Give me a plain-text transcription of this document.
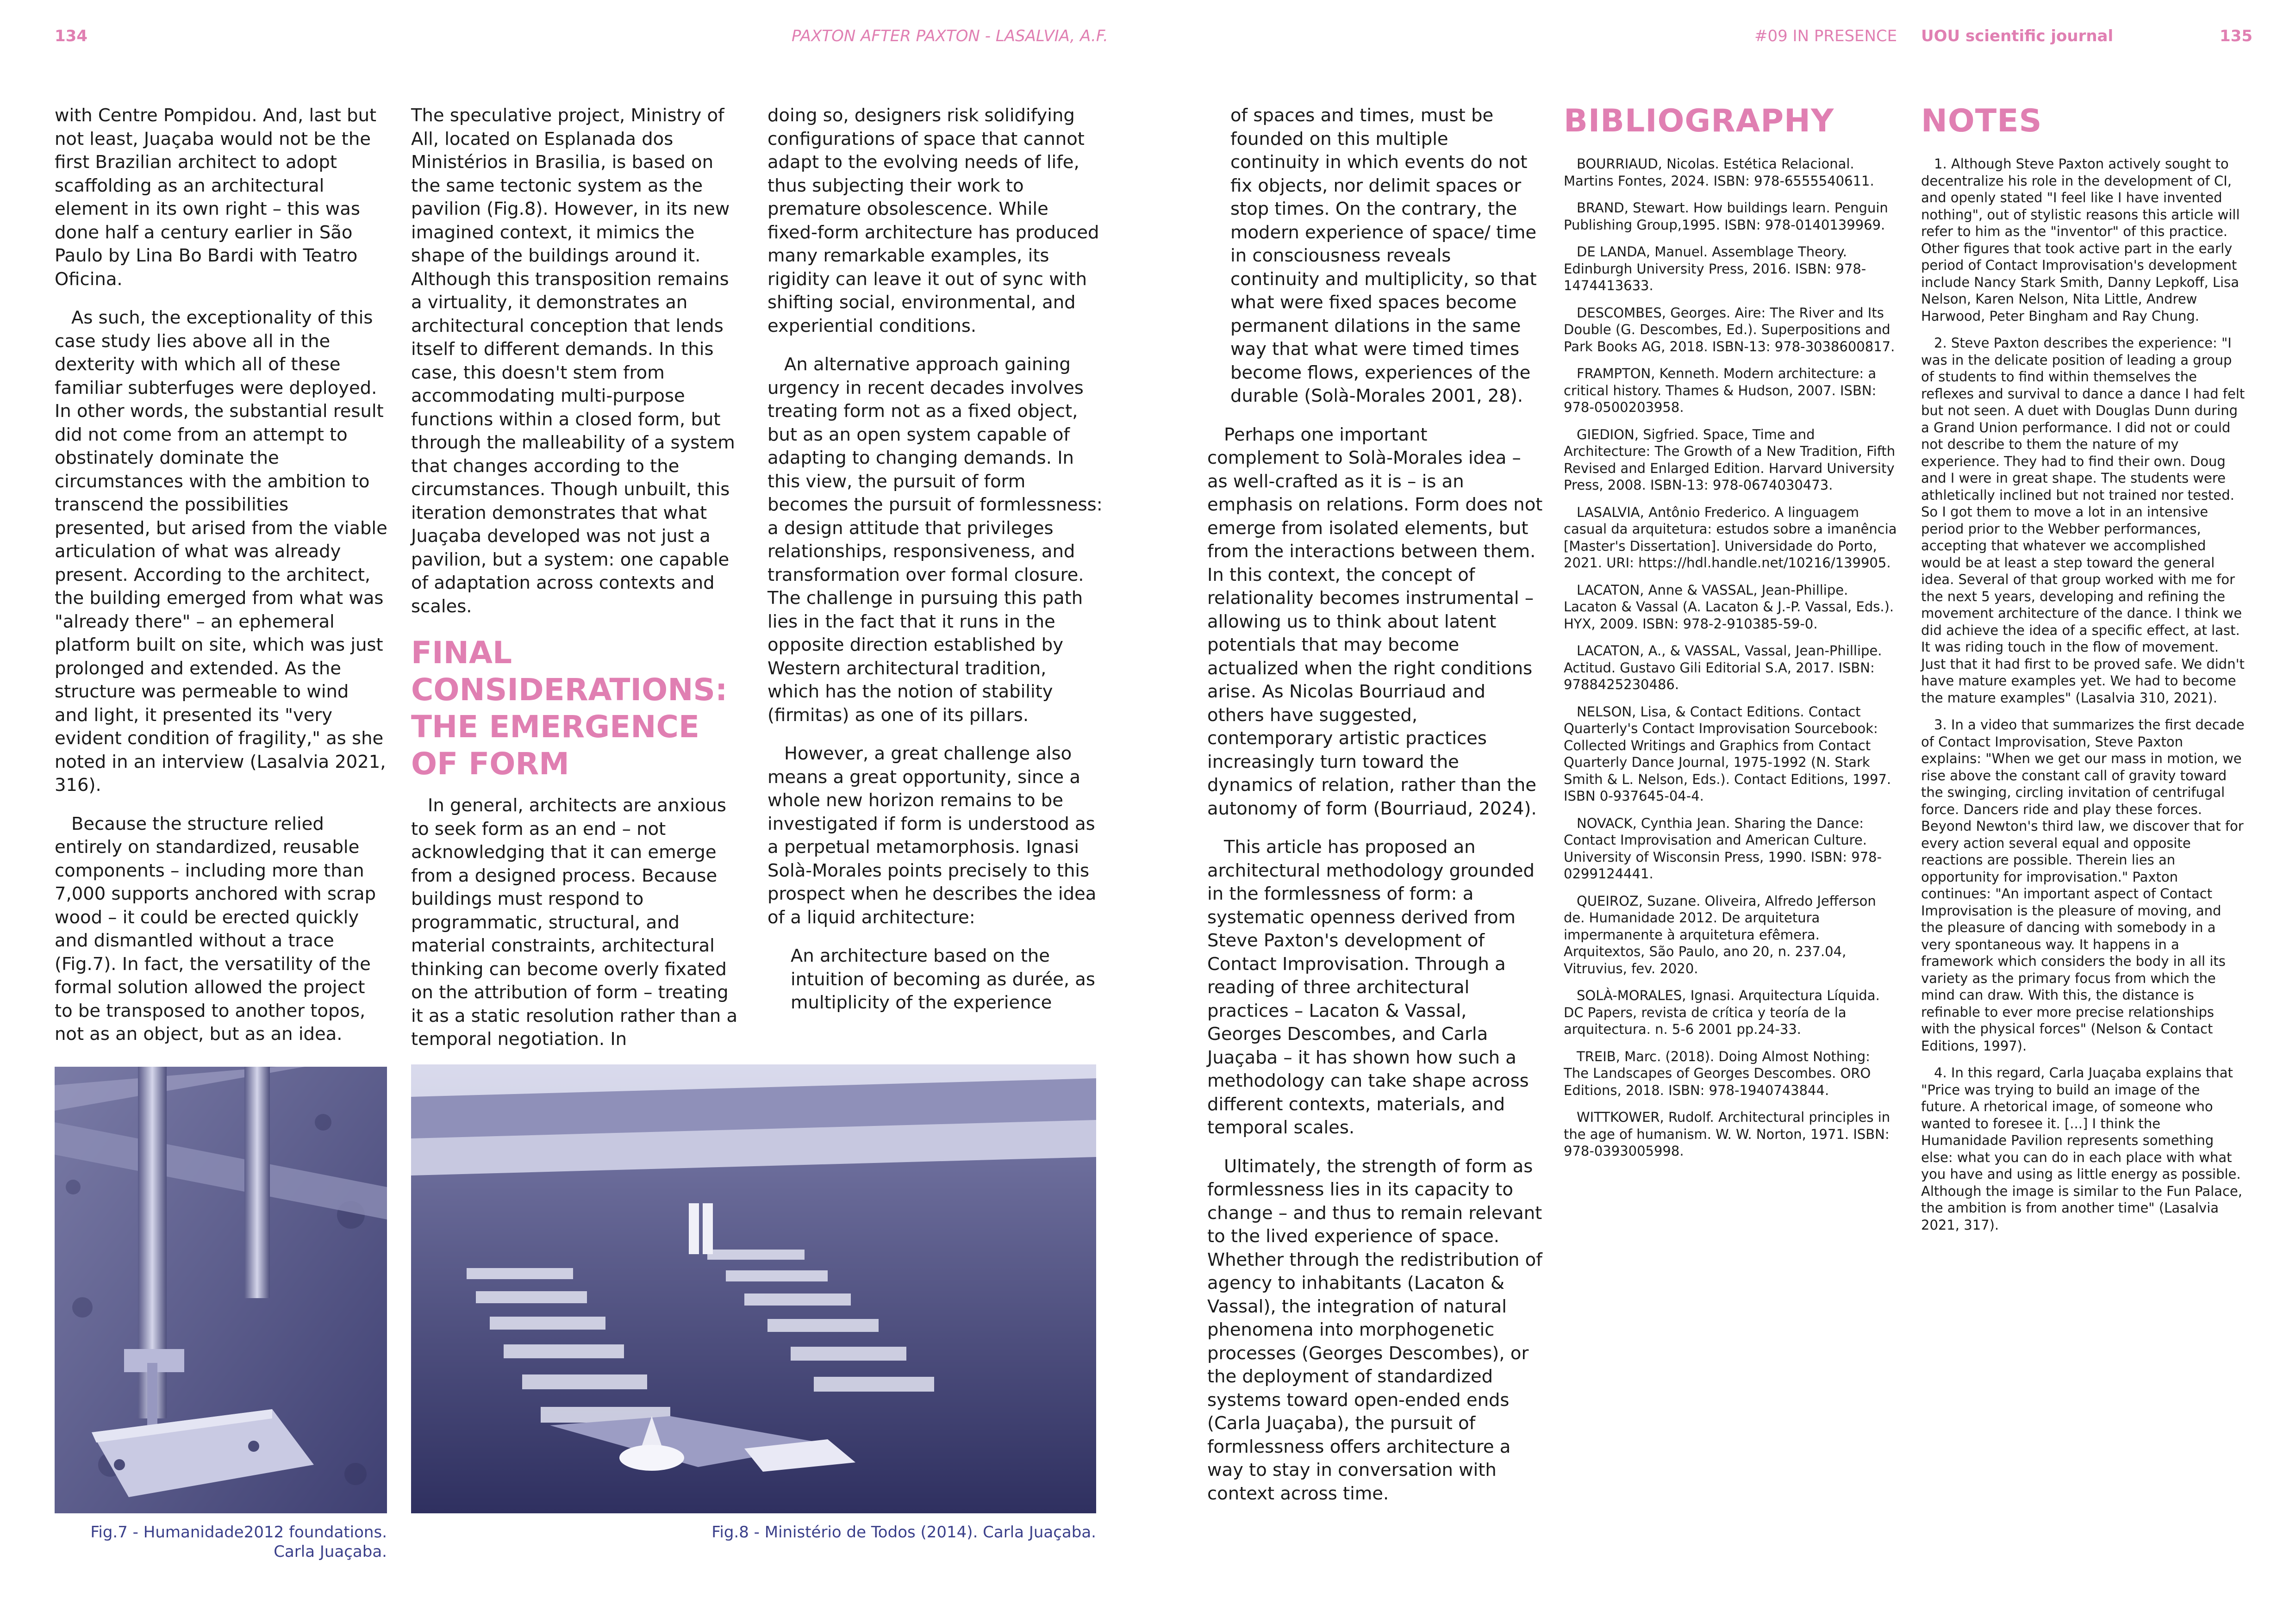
134	PAXTON AFTER PAXTON - LASALVIA, A.F.	#09 IN PRESENCE UOU scientific journal	135

with Centre Pompidou. And, last but not least, Juaçaba would not be the first Brazilian architect to adopt scaffolding as an architectural element in its own right – this was done half a century earlier in São Paulo by Lina Bo Bardi with Teatro Oficina.

As such, the exceptionality of this case study lies above all in the dexterity with which all of these familiar subterfuges were deployed. In other words, the substantial result did not come from an attempt to obstinately dominate the circumstances with the ambition to transcend the possibilities presented, but arised from the viable articulation of what was already present. According to the architect, the building emerged from what was "already there" – an ephemeral platform built on site, which was just prolonged and extended. As the structure was permeable to wind and light, it presented its "very evident condition of fragility," as she noted in an interview (Lasalvia 2021, 316).

Because the structure relied entirely on standardized, reusable components – including more than 7,000 supports anchored with scrap wood – it could be erected quickly and dismantled without a trace (Fig.7). In fact, the versatility of the formal solution allowed the project to be transposed to another topos, not as an object, but as an idea.

The speculative project, Ministry of All, located on Esplanada dos Ministérios in Brasilia, is based on the same tectonic system as the pavilion (Fig.8). However, in its new imagined context, it mimics the shape of the buildings around it. Although this transposition remains a virtuality, it demonstrates an architectural conception that lends itself to different demands. In this case, this doesn't stem from accommodating multi-purpose functions within a closed form, but through the malleability of a system that changes according to the circumstances. Though unbuilt, this iteration demonstrates that what Juaçaba developed was not just a pavilion, but a system: one capable of adaptation across contexts and scales.

FINAL CONSIDERATIONS: THE EMERGENCE OF FORM

In general, architects are anxious to seek form as an end – not acknowledging that it can emerge from a designed process. Because buildings must respond to programmatic, structural, and material constraints, architectural thinking can become overly fixated on the attribution of form – treating it as a static resolution rather than a temporal negotiation. In

doing so, designers risk solidifying configurations of space that cannot adapt to the evolving needs of life, thus subjecting their work to premature obsolescence. While fixed-form architecture has produced many remarkable examples, its rigidity can leave it out of sync with shifting social, environmental, and experiential conditions.

An alternative approach gaining urgency in recent decades involves treating form not as a fixed object, but as an open system capable of adapting to changing demands. In this view, the pursuit of form becomes the pursuit of formlessness: a design attitude that privileges relationships, responsiveness, and transformation over formal closure. The challenge in pursuing this path lies in the fact that it runs in the opposite direction established by Western architectural tradition, which has the notion of stability (firmitas) as one of its pillars.

However, a great challenge also means a great opportunity, since a whole new horizon remains to be investigated if form is understood as a perpetual metamorphosis. Ignasi Solà-Morales points precisely to this prospect when he describes the idea of a liquid architecture:

An architecture based on the intuition of becoming as durée, as multiplicity of the experience

of spaces and times, must be founded on this multiple continuity in which events do not fix objects, nor delimit spaces or stop times. On the contrary, the modern experience of space/ time in consciousness reveals continuity and multiplicity, so that what were fixed spaces become permanent dilations in the same way that what were timed times become flows, experiences of the durable (Solà-Morales 2001, 28).

Perhaps one important complement to Solà-Morales idea – as well-crafted as it is – is an emphasis on relations. Form does not emerge from isolated elements, but from the interactions between them. In this context, the concept of relationality becomes instrumental – allowing us to think about latent potentials that may become actualized when the right conditions arise. As Nicolas Bourriaud and others have suggested, contemporary artistic practices increasingly turn toward the dynamics of relation, rather than the autonomy of form (Bourriaud, 2024).

This article has proposed an architectural methodology grounded in the formlessness of form: a systematic openness derived from Steve Paxton's development of Contact Improvisation. Through a reading of three architectural practices – Lacaton & Vassal, Georges Descombes, and Carla Juaçaba – it has shown how such a methodology can take shape across different contexts, materials, and temporal scales.

Ultimately, the strength of form as formlessness lies in its capacity to change – and thus to remain relevant to the lived experience of space. Whether through the redistribution of agency to inhabitants (Lacaton & Vassal), the integration of natural phenomena into morphogenetic processes (Georges Descombes), or the deployment of standardized systems toward open-ended ends (Carla Juaçaba), the pursuit of formlessness offers architecture a way to stay in conversation with context across time.

BIBLIOGRAPHY

BOURRIAUD, Nicolas. Estética Relacional. Martins Fontes, 2024. ISBN: 978-6555540611.

BRAND, Stewart. How buildings learn. Penguin Publishing Group,1995. ISBN: 978-0140139969.

DE LANDA, Manuel. Assemblage Theory. Edinburgh University Press, 2016. ISBN: 978-1474413633.

DESCOMBES, Georges. Aire: The River and Its Double (G. Descombes, Ed.). Superpositions and Park Books AG, 2018. ISBN-13: 978-3038600817.

FRAMPTON, Kenneth. Modern architecture: a critical history. Thames & Hudson, 2007. ISBN: 978-0500203958.

GIEDION, Sigfried. Space, Time and Architecture: The Growth of a New Tradition, Fifth Revised and Enlarged Edition. Harvard University Press, 2008. ISBN-13: 978-0674030473.

LASALVIA, Antônio Frederico. A linguagem casual da arquitetura: estudos sobre a imanência [Master's Dissertation]. Universidade do Porto, 2021. URI: https://hdl.handle.net/10216/139905.

LACATON, Anne & VASSAL, Jean-Phillipe. Lacaton & Vassal (A. Lacaton & J.-P. Vassal, Eds.). HYX, 2009. ISBN: 978-2-910385-59-0.

LACATON, A., & VASSAL, Vassal, Jean-Phillipe. Actitud. Gustavo Gili Editorial S.A, 2017. ISBN: 9788425230486.

NELSON, Lisa, & Contact Editions. Contact Quarterly's Contact Improvisation Sourcebook: Collected Writings and Graphics from Contact Quarterly Dance Journal, 1975-1992 (N. Stark Smith & L. Nelson, Eds.). Contact Editions, 1997. ISBN 0-937645-04-4.

NOVACK, Cynthia Jean. Sharing the Dance: Contact Improvisation and American Culture. University of Wisconsin Press, 1990. ISBN: 978-0299124441.

QUEIROZ, Suzane. Oliveira, Alfredo Jefferson de. Humanidade 2012. De arquitetura impermanente à arquitetura efêmera. Arquitextos, São Paulo, ano 20, n. 237.04, Vitruvius, fev. 2020.

SOLÀ-MORALES, Ignasi. Arquitectura Líquida. DC Papers, revista de crítica y teoría de la arquitectura. n. 5-6 2001 pp.24-33.

TREIB, Marc. (2018). Doing Almost Nothing: The Landscapes of Georges Descombes. ORO Editions, 2018. ISBN: 978-1940743844.

WITTKOWER, Rudolf. Architectural principles in the age of humanism. W. W. Norton, 1971. ISBN: 978-0393005998.

NOTES

1. Although Steve Paxton actively sought to decentralize his role in the development of CI, and openly stated "I feel like I have invented nothing", out of stylistic reasons this article will refer to him as the "inventor" of this practice. Other figures that took active part in the early period of Contact Improvisation's development include Nancy Stark Smith, Danny Lepkoff, Lisa Nelson, Karen Nelson, Nita Little, Andrew Harwood, Peter Bingham and Ray Chung.

2. Steve Paxton describes the experience: "I was in the delicate position of leading a group of students to find within themselves the reflexes and survival to dance a dance I had felt but not seen. A duet with Douglas Dunn during a Grand Union performance. I did not or could not describe to them the nature of my experience. They had to find their own. Doug and I were in great shape. The students were athletically inclined but not trained nor tested. So I got them to move a lot in an intensive period prior to the Webber performances, accepting that whatever we accomplished would be at least a step toward the general idea. Several of that group worked with me for the next 5 years, developing and refining the movement architecture of the dance. I think we did achieve the idea of a specific effect, at last. It was riding touch in the flow of movement. Just that it had first to be proved safe. We didn't have mature examples yet. We had to become the mature examples" (Lasalvia 310, 2021).

3. In a video that summarizes the first decade of Contact Improvisation, Steve Paxton explains: "When we get our mass in motion, we rise above the constant call of gravity toward the swinging, circling invitation of centrifugal force. Dancers ride and play these forces. Beyond Newton's third law, we discover that for every action several equal and opposite reactions are possible. Therein lies an opportunity for improvisation." Paxton continues: "An important aspect of Contact Improvisation is the pleasure of moving, and the pleasure of dancing with somebody in a very spontaneous way. It happens in a framework which considers the body in all its variety as the primary focus from which the mind can draw. With this, the distance is refinable to ever more precise relationships with the physical forces" (Nelson & Contact Editions, 1997).

4. In this regard, Carla Juaçaba explains that "Price was trying to build an image of the future. A rhetorical image, of someone who wanted to foresee it. [...] I think the Humanidade Pavilion represents something else: what you can do in each place with what you have and using as little energy as possible. Although the image is similar to the Fun Palace, the ambition is from another time" (Lasalvia 2021, 317).

Fig.7 - Humanidade2012 foundations. Carla Juaçaba.
Fig.8 - Ministério de Todos (2014). Carla Juaçaba.
